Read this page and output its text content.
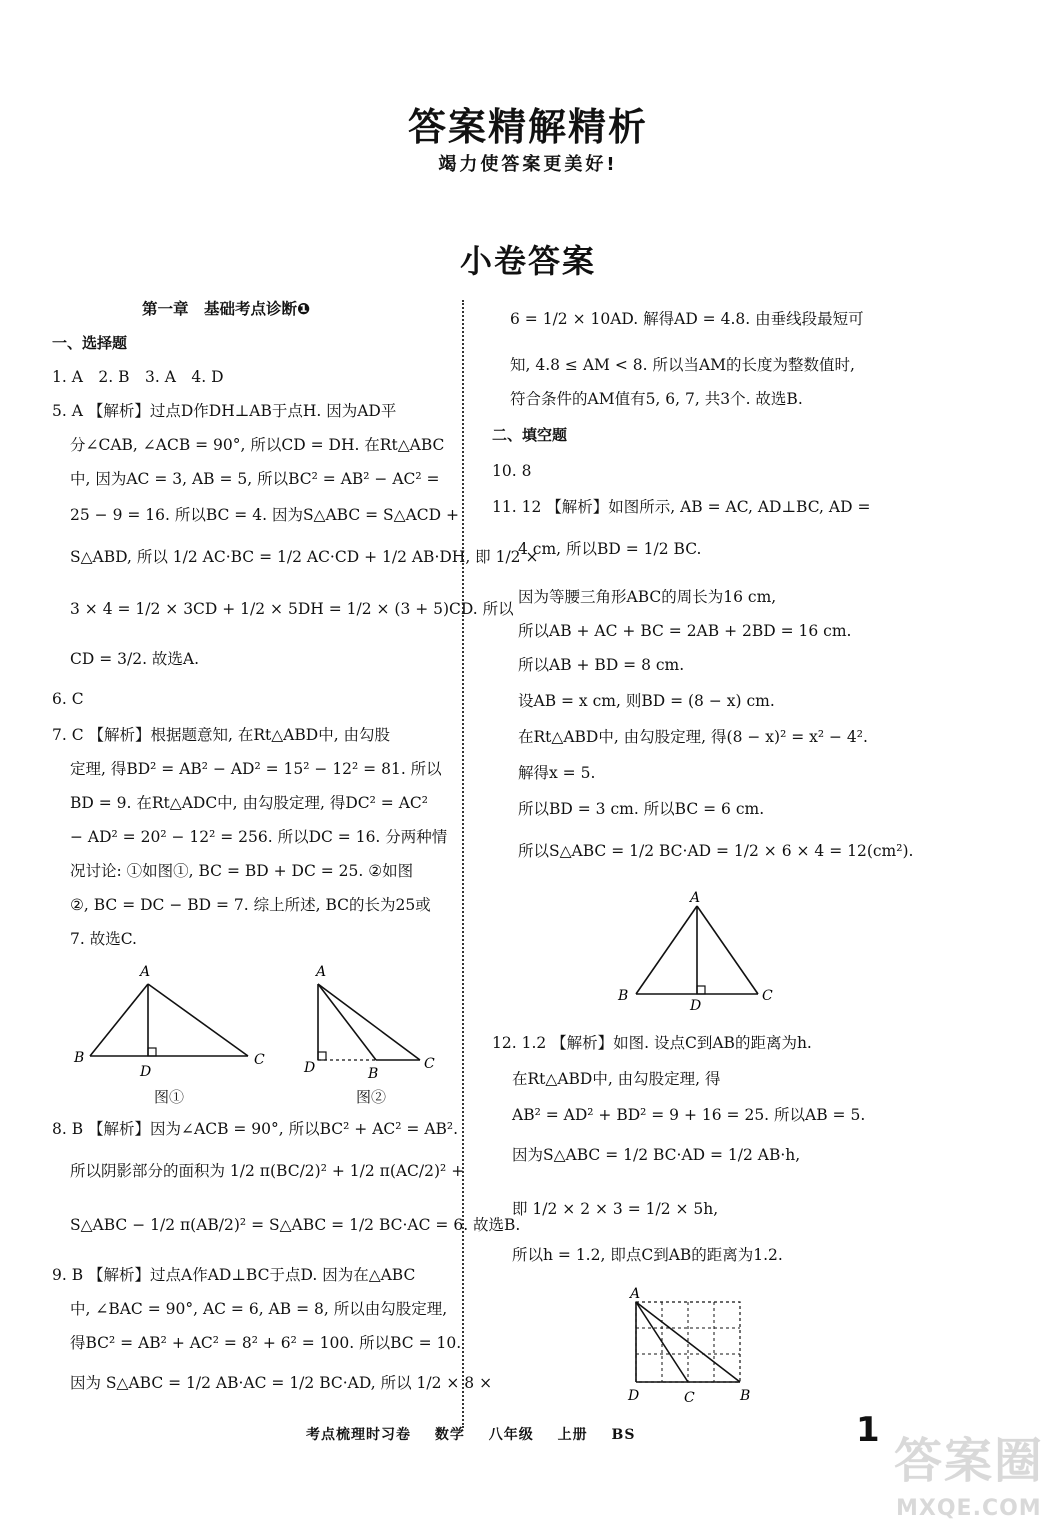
答案精解精析
竭力使答案更美好!
小卷答案
第一章　基础考点诊断❶
一、选择题
1. A　2. B　3. A　4. D
5. A 【解析】过点D作DH⊥AB于点H. 因为AD平
分∠CAB, ∠ACB = 90°, 所以CD = DH. 在Rt△ABC
中, 因为AC = 3, AB = 5, 所以BC² = AB² − AC² =
25 − 9 = 16. 所以BC = 4. 因为S△ABC = S△ACD +
S△ABD, 所以 1/2 AC·BC = 1/2 AC·CD + 1/2 AB·DH, 即 1/2 ×
3 × 4 = 1/2 × 3CD + 1/2 × 5DH = 1/2 × (3 + 5)CD. 所以
CD = 3/2. 故选A.
6. C
7. C 【解析】根据题意知, 在Rt△ABD中, 由勾股
定理, 得BD² = AB² − AD² = 15² − 12² = 81. 所以
BD = 9. 在Rt△ADC中, 由勾股定理, 得DC² = AC²
− AD² = 20² − 12² = 256. 所以DC = 16. 分两种情
况讨论: ①如图①, BC = BD + DC = 25. ②如图
②, BC = DC − BD = 7. 综上所述, BC的长为25或
7. 故选C.
8. B 【解析】因为∠ACB = 90°, 所以BC² + AC² = AB².
所以阴影部分的面积为 1/2 π(BC/2)² + 1/2 π(AC/2)² +
S△ABC − 1/2 π(AB/2)² = S△ABC = 1/2 BC·AC = 6. 故选B.
9. B 【解析】过点A作AD⊥BC于点D. 因为在△ABC
中, ∠BAC = 90°, AC = 6, AB = 8, 所以由勾股定理,
得BC² = AB² + AC² = 8² + 6² = 100. 所以BC = 10.
因为 S△ABC = 1/2 AB·AC = 1/2 BC·AD, 所以 1/2 × 8 ×
A
B	C
D
图①
A
D	B
C
图②
6 = 1/2 × 10AD. 解得AD = 4.8. 由垂线段最短可
知, 4.8 ≤ AM < 8. 所以当AM的长度为整数值时,
符合条件的AM值有5, 6, 7, 共3个. 故选B.
二、填空题
10. 8
11. 12 【解析】如图所示, AB = AC, AD⊥BC, AD =
4 cm, 所以BD = 1/2 BC.
因为等腰三角形ABC的周长为16 cm,
所以AB + AC + BC = 2AB + 2BD = 16 cm.
所以AB + BD = 8 cm.
设AB = x cm, 则BD = (8 − x) cm.
在Rt△ABD中, 由勾股定理, 得(8 − x)² = x² − 4².
解得x = 5.
所以BD = 3 cm. 所以BC = 6 cm.
所以S△ABC = 1/2 BC·AD = 1/2 × 6 × 4 = 12(cm²).
12. 1.2 【解析】如图. 设点C到AB的距离为h.
在Rt△ABD中, 由勾股定理, 得
AB² = AD² + BD² = 9 + 16 = 25. 所以AB = 5.
因为S△ABC = 1/2 BC·AD = 1/2 AB·h,
即 1/2 × 2 × 3 = 1/2 × 5h,
所以h = 1.2, 即点C到AB的距离为1.2.
A
B	C
D
A
D	C	B
考点梳理时习卷 数学 八年级 上册 BS	1
答案圈
MXQE.COM
